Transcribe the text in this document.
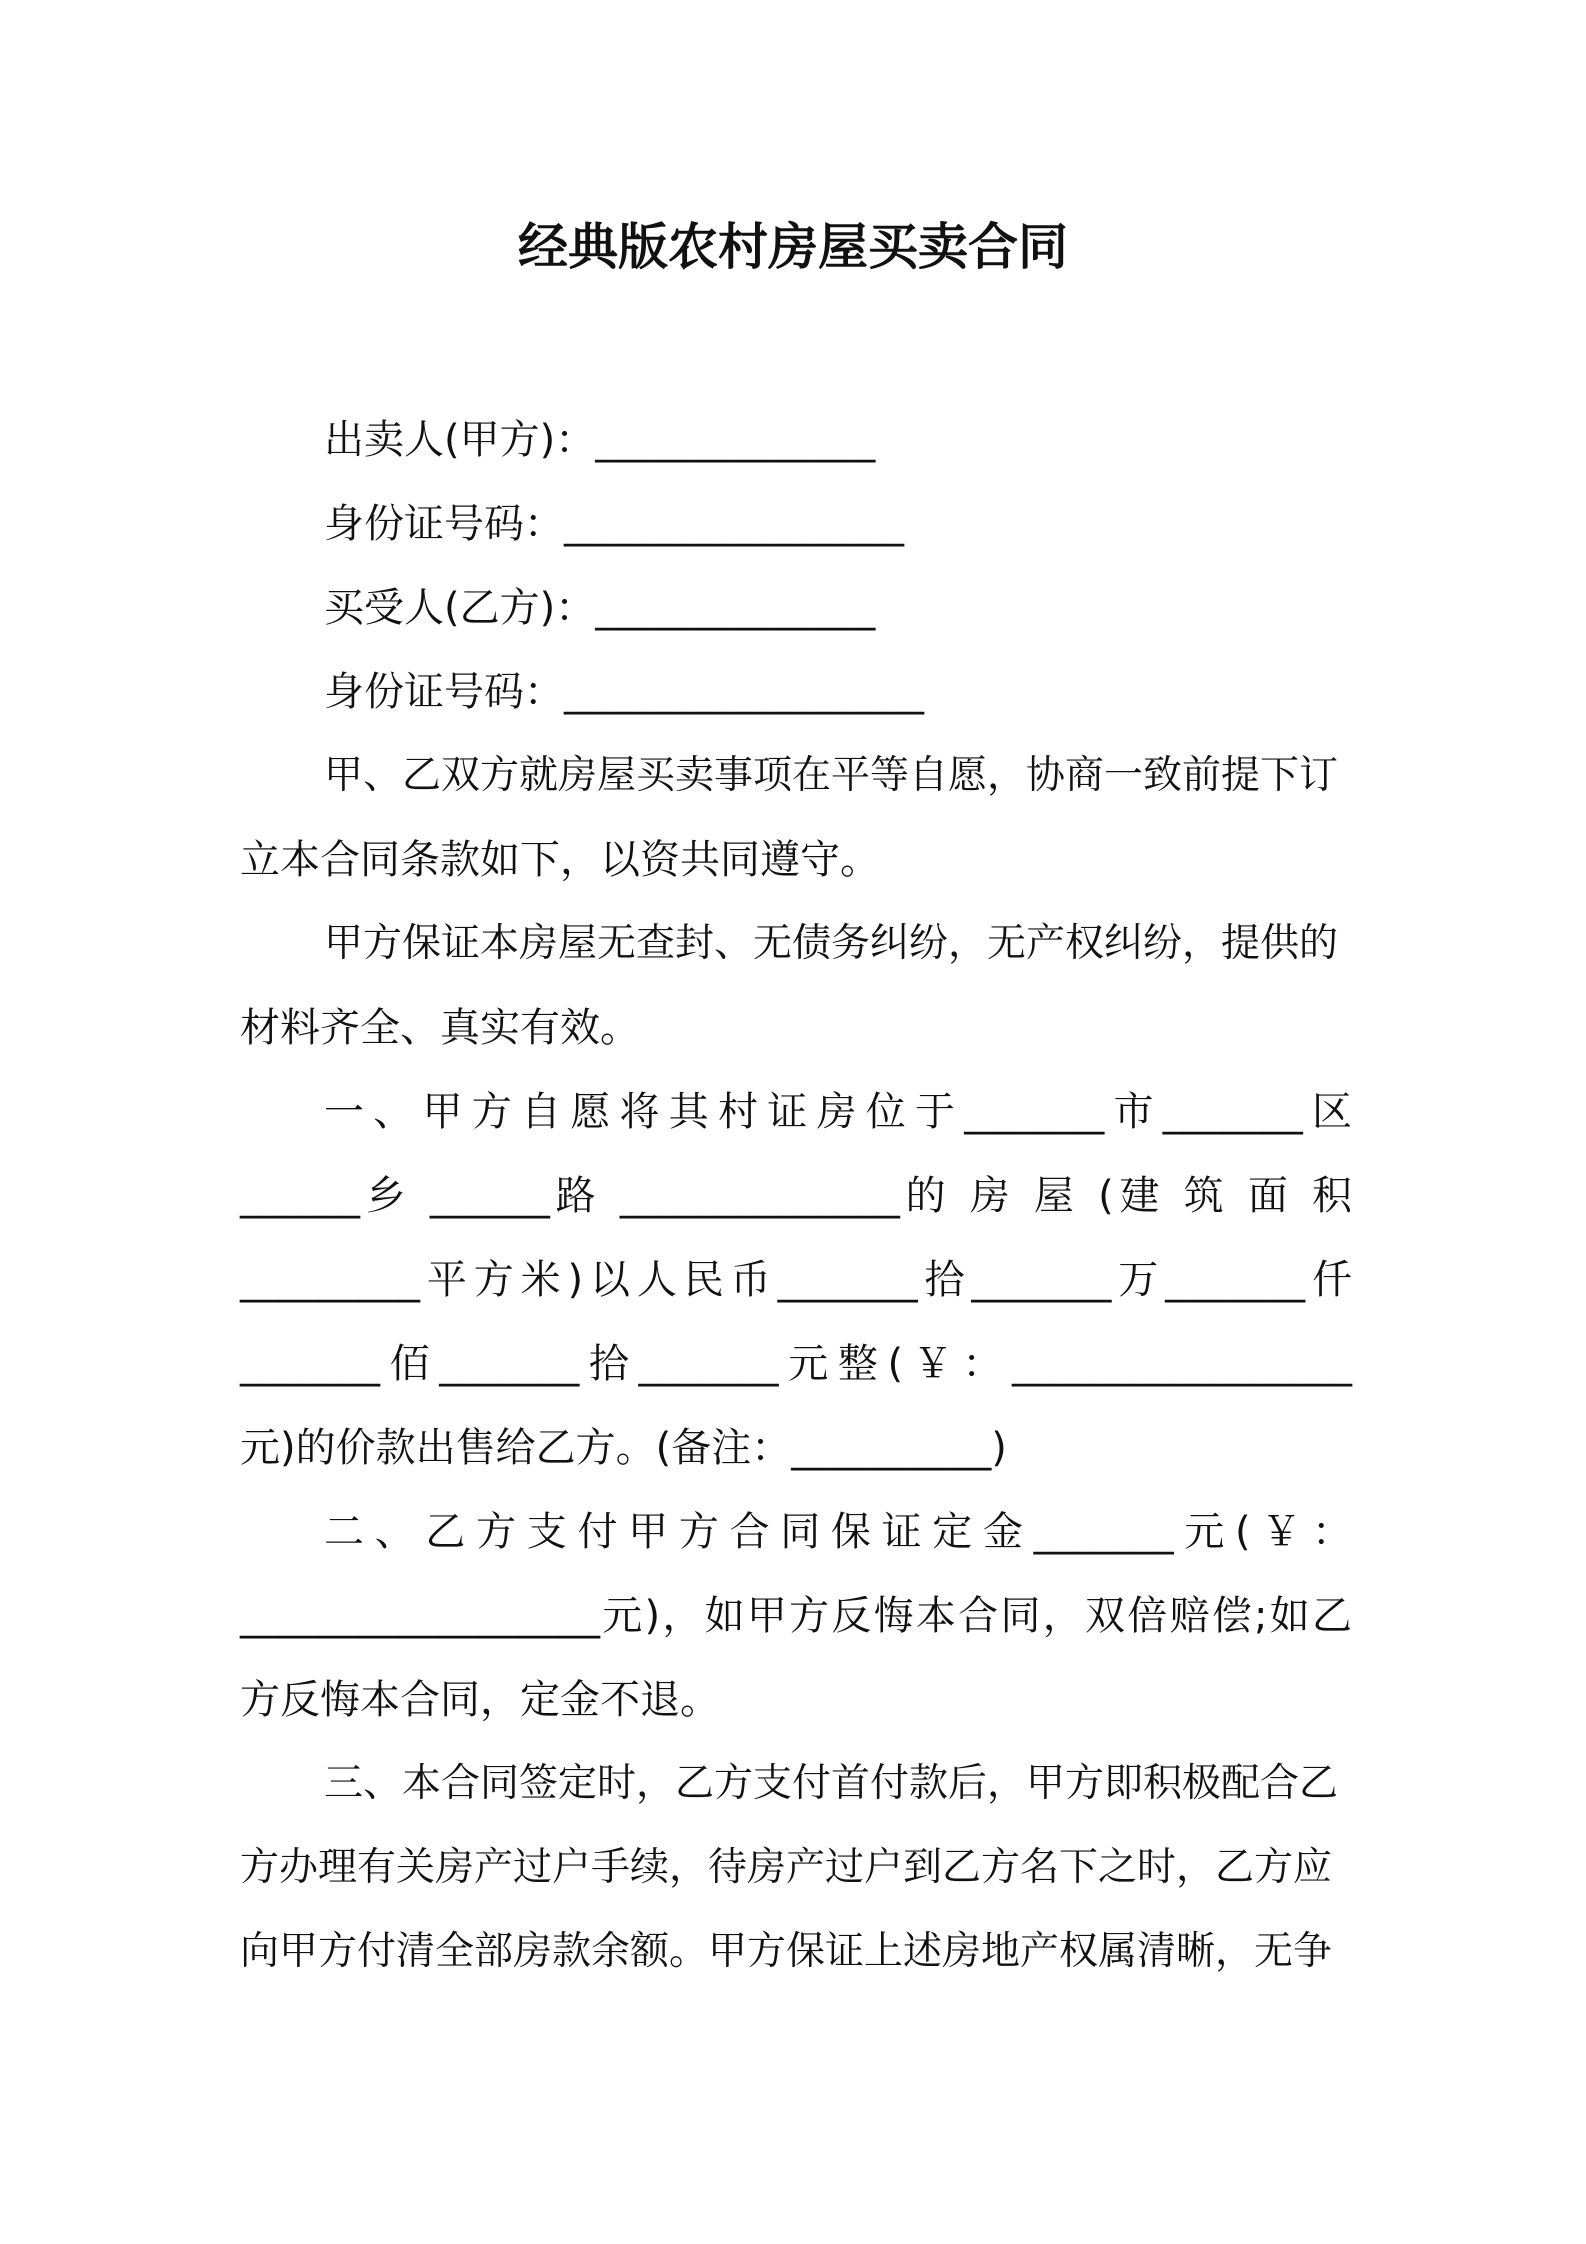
经典版农村房屋买卖合同
出卖人(甲方)：______________
身份证号码：_________________
买受人(乙方)：______________
身份证号码：__________________
甲、乙双方就房屋买卖事项在平等自愿，协商一致前提下订
立本合同条款如下，以资共同遵守。
甲方保证本房屋无查封、无债务纠纷，无产权纠纷，提供的
材料齐全、真实有效。
一、甲方自愿将其村证房位于_______市_______区
______乡 ______路 ______________的 房 屋 (建 筑 面 积
_________平方米)以人民币_______拾_______万_______仟
_______佰_______拾_______元整(￥：_________________
元)的价款出售给乙方。(备注：__________)
二、乙方支付甲方合同保证定金_______元(￥：
__________________元)，如甲方反悔本合同，双倍赔偿;如乙
方反悔本合同，定金不退。
三、本合同签定时，乙方支付首付款后，甲方即积极配合乙
方办理有关房产过户手续，待房产过户到乙方名下之时，乙方应
向甲方付清全部房款余额。甲方保证上述房地产权属清晰，无争
